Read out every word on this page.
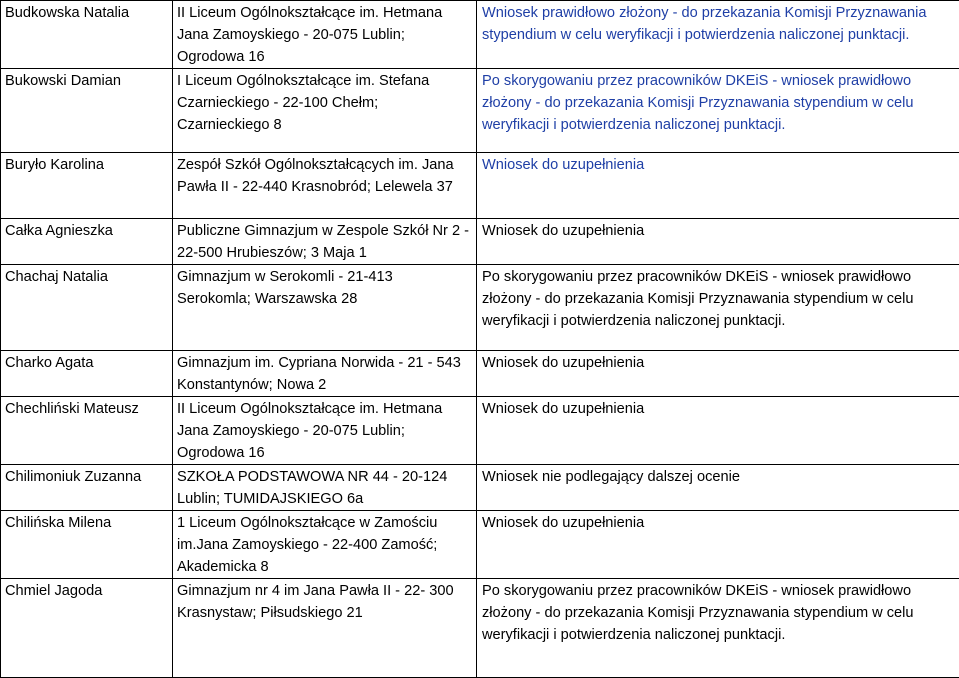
Budkowska Natalia	II Liceum Ogólnokształcące im. Hetmana
Jana Zamoyskiego - 20-075 Lublin;
Ogrodowa 16	Wniosek prawidłowo złożony - do przekazania Komisji Przyznawania stypendium w celu weryfikacji i potwierdzenia naliczonej punktacji.
Bukowski Damian	I Liceum Ogólnokształcące im. Stefana
Czarnieckiego - 22-100 Chełm;
Czarnieckiego 8	Po skorygowaniu przez pracowników DKEiS - wniosek prawidłowo złożony - do przekazania Komisji Przyznawania stypendium w celu weryfikacji i potwierdzenia naliczonej punktacji.
Buryło Karolina	Zespół Szkół Ogólnokształcących im. Jana
Pawła II - 22-440 Krasnobród; Lelewela 37	Wniosek do uzupełnienia
Całka Agnieszka	Publiczne Gimnazjum w Zespole Szkół Nr 2 -
22-500 Hrubieszów; 3 Maja 1	Wniosek do uzupełnienia
Chachaj Natalia	Gimnazjum w Serokomli - 21-413
Serokomla; Warszawska 28	Po skorygowaniu przez pracowników DKEiS - wniosek prawidłowo złożony - do przekazania Komisji Przyznawania stypendium w celu weryfikacji i potwierdzenia naliczonej punktacji.
Charko Agata	Gimnazjum im. Cypriana Norwida - 21 - 543
Konstantynów; Nowa 2	Wniosek do uzupełnienia
Chechliński Mateusz	II Liceum Ogólnokształcące im. Hetmana
Jana Zamoyskiego - 20-075 Lublin;
Ogrodowa 16	Wniosek do uzupełnienia
Chilimoniuk Zuzanna	SZKOŁA PODSTAWOWA NR 44 - 20-124
Lublin; TUMIDAJSKIEGO 6a	Wniosek nie podlegający dalszej ocenie
Chilińska Milena	1 Liceum Ogólnokształcące w Zamościu
im.Jana Zamoyskiego - 22-400 Zamość;
Akademicka 8	Wniosek do uzupełnienia
Chmiel Jagoda	Gimnazjum nr 4 im Jana Pawła II - 22- 300
Krasnystaw; Piłsudskiego 21	Po skorygowaniu przez pracowników DKEiS - wniosek prawidłowo złożony - do przekazania Komisji Przyznawania stypendium w celu weryfikacji i potwierdzenia naliczonej punktacji.
